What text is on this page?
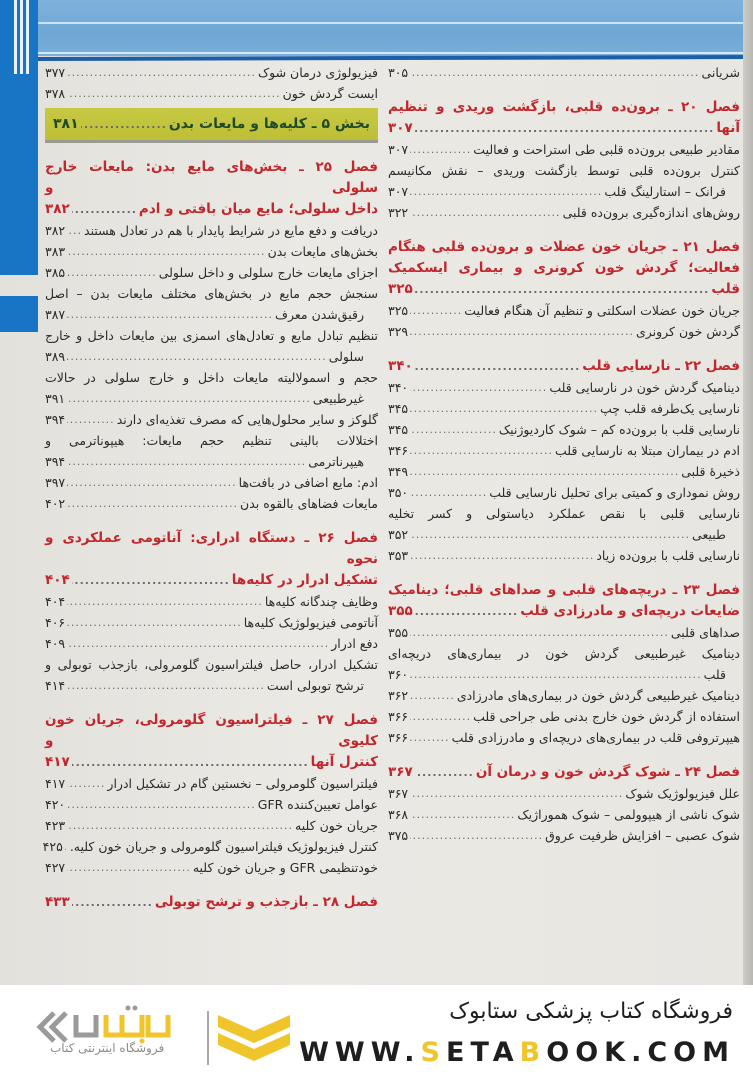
شریانی
.....
۳۰۵
فصل ۲۰ ـ برون‌ده قلبی، بازگشت وریدی و تنظیم
آنها
.....
۳۰۷
مقادیر طبیعی برون‌ده قلبی طی استراحت و فعالیت
.....
۳۰۷
کنترل برون‌ده قلبی توسط بازگشت وریدی – نقش مکانیسم
فرانک – استارلینگ قلب
.....
۳۰۷
روش‌های اندازه‌گیری برون‌ده قلبی
.....
۳۲۲
فصل ۲۱ ـ جریان خون عضلات و برون‌ده قلبی هنگام
فعالیت؛ گردش خون کرونری و بیماری ایسکمیک
قلب
.....
۳۲۵
جریان خون عضلات اسکلتی و تنظیم آن هنگام فعالیت
.....
۳۲۵
گردش خون کرونری
.....
۳۲۹
فصل ۲۲ ـ نارسایی قلب
.....
۳۴۰
دینامیک گردش خون در نارسایی قلب
.....
۳۴۰
نارسایی یک‌طرفه قلب چپ
.....
۳۴۵
نارسایی قلب با برون‌ده کم – شوک کاردیوژنیک
.....
۳۴۵
ادم در بیماران مبتلا به نارسایی قلب
.....
۳۴۶
ذخیرهٔ قلبی
.....
۳۴۹
روش نموداری و کمیتی برای تحلیل نارسایی قلب
.....
۳۵۰
نارسایی قلبی با نقص عملکرد دیاستولی و کسر تخلیه
طبیعی
.....
۳۵۲
نارسایی قلب با برون‌ده زیاد
.....
۳۵۳
فصل ۲۳ ـ دریچه‌های قلبی و صداهای قلبی؛ دینامیک
ضایعات دریچه‌ای و مادرزادی قلب
.....
۳۵۵
صداهای قلبی
.....
۳۵۵
دینامیک غیرطبیعی گردش خون در بیماری‌های دریچه‌ای
قلب
.....
۳۶۰
دینامیک غیرطبیعی گردش خون در بیماری‌های مادرزادی
.....
۳۶۲
استفاده از گردش خون خارج بدنی طی جراحی قلب
.....
۳۶۶
هیپرتروفی قلب در بیماری‌های دریچه‌ای و مادرزادی قلب
.....
۳۶۶
فصل ۲۴ ـ شوک گردش خون و درمان آن
.....
۳۶۷
علل فیزیولوژیک شوک
.....
۳۶۷
شوک ناشی از هیپوولمی – شوک هموراژیک
.....
۳۶۸
شوک عصبی – افزایش ظرفیت عروق
.....
۳۷۵
فیزیولوژی درمان شوک
.....
۳۷۷
ایست گردش خون
.....
۳۷۸
بخش ۵ ـ کلیه‌ها و مایعات بدن
.....
۳۸۱
فصل ۲۵ ـ بخش‌های مایع بدن: مایعات خارج سلولی و
داخل سلولی؛ مایع میان بافتی و ادم
.....
۳۸۲
دریافت و دفع مایع در شرایط پایدار با هم در تعادل هستند
.....
۳۸۲
بخش‌های مایعات بدن
.....
۳۸۳
اجزای مایعات خارج سلولی و داخل سلولی
.....
۳۸۵
سنجش حجم مایع در بخش‌های مختلف مایعات بدن – اصل
رقیق‌شدن معرف
.....
۳۸۷
تنظیم تبادل مایع و تعادل‌های اسمزی بین مایعات داخل و خارج
سلولی
.....
۳۸۹
حجم و اسمولالیته مایعات داخل و خارج سلولی در حالات
غیرطبیعی
.....
۳۹۱
گلوکز و سایر محلول‌هایی که مصرف تغذیه‌ای دارند
.....
۳۹۴
اختلالات بالینی تنظیم حجم مایعات: هیپوناترمی و
هیپرناترمی
.....
۳۹۴
ادم: مایع اضافی در بافت‌ها
.....
۳۹۷
مایعات فضاهای بالقوه بدن
.....
۴۰۲
فصل ۲۶ ـ دستگاه ادراری: آناتومی عملکردی و نحوه
تشکیل ادرار در کلیه‌ها
.....
۴۰۴
وظایف چندگانه کلیه‌ها
.....
۴۰۴
آناتومی فیزیولوژیک کلیه‌ها
.....
۴۰۶
دفع ادرار
.....
۴۰۹
تشکیل ادرار، حاصل فیلتراسیون گلومرولی، بازجذب توبولی و
ترشح توبولی است
.....
۴۱۴
فصل ۲۷ ـ فیلتراسیون گلومرولی، جریان خون کلیوی و
کنترل آنها
.....
۴۱۷
فیلتراسیون گلومرولی – نخستین گام در تشکیل ادرار
.....
۴۱۷
عوامل تعیین‌کننده GFR
.....
۴۲۰
جریان خون کلیه
.....
۴۲۳
کنترل فیزیولوژیک فیلتراسیون گلومرولی و جریان خون کلیه.
.....
۴۲۵
خودتنظیمی GFR و جریان خون کلیه
.....
۴۲۷
فصل ۲۸ ـ بازجذب و ترشح توبولی
.....
۴۳۳
فروشگاه اینترنتی کتاب
فروشگاه کتاب پزشکی ستابوک
WWW.SETABOOK.COM
